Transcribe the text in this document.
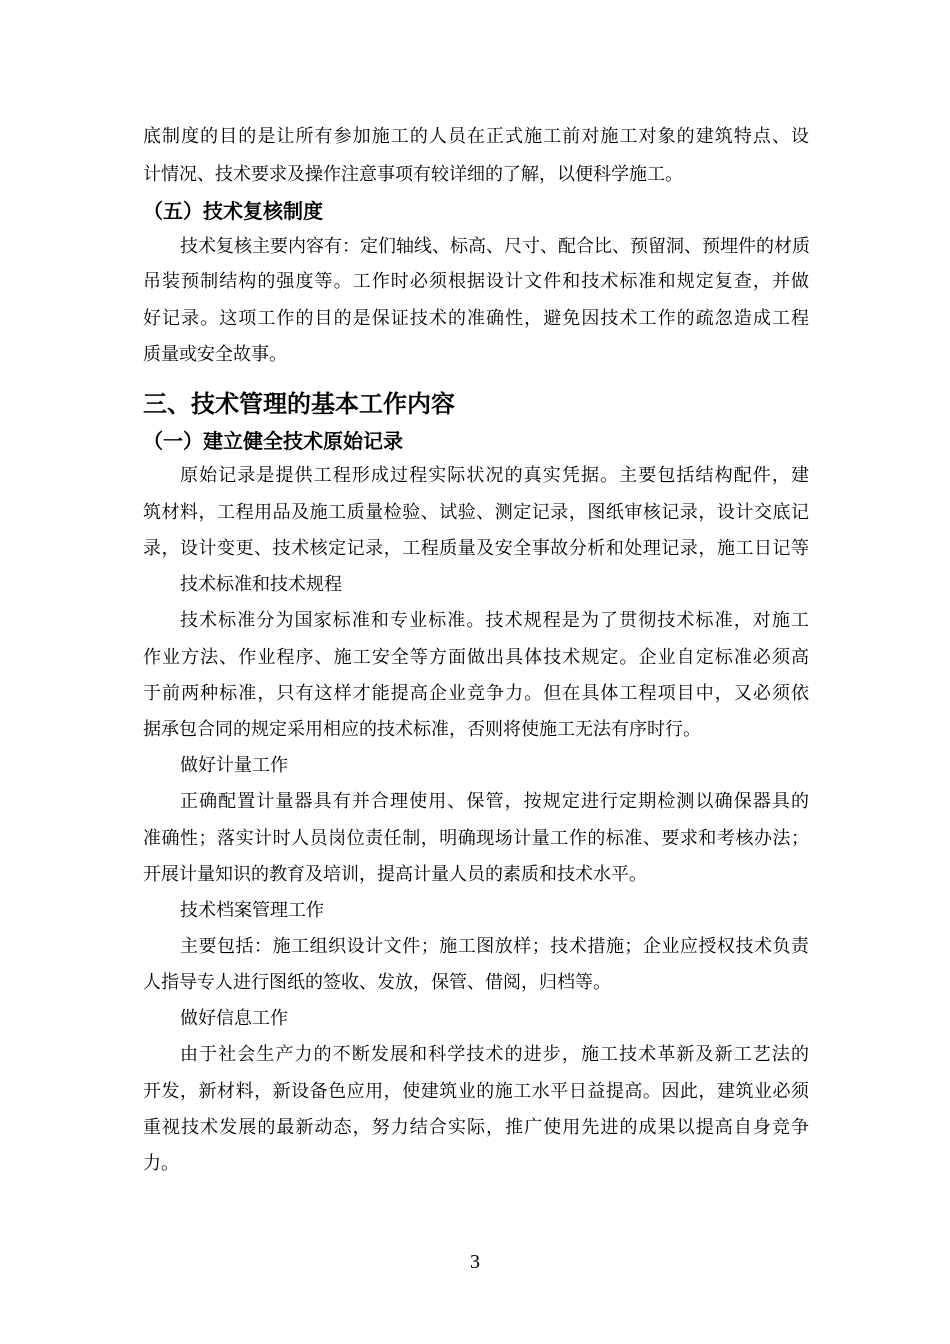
底制度的目的是让所有参加施工的人员在正式施工前对施工对象的建筑特点、设
计情况、技术要求及操作注意事项有较详细的了解，以便科学施工。
（五）技术复核制度
技术复核主要内容有：定们轴线、标高、尺寸、配合比、预留洞、预埋件的材质
吊装预制结构的强度等。工作时必须根据设计文件和技术标准和规定复查，并做
好记录。这项工作的目的是保证技术的准确性，避免因技术工作的疏忽造成工程
质量或安全故事。
三、技术管理的基本工作内容
（一）建立健全技术原始记录
原始记录是提供工程形成过程实际状况的真实凭据。主要包括结构配件，建
筑材料，工程用品及施工质量检验、试验、测定记录，图纸审核记录，设计交底记
录，设计变更、技术核定记录，工程质量及安全事故分析和处理记录，施工日记等
技术标准和技术规程
技术标准分为国家标准和专业标准。技术规程是为了贯彻技术标准，对施工
作业方法、作业程序、施工安全等方面做出具体技术规定。企业自定标准必须高
于前两种标准，只有这样才能提高企业竞争力。但在具体工程项目中，又必须依
据承包合同的规定采用相应的技术标准，否则将使施工无法有序时行。
做好计量工作
正确配置计量器具有并合理使用、保管，按规定进行定期检测以确保器具的
准确性；落实计时人员岗位责任制，明确现场计量工作的标准、要求和考核办法；
开展计量知识的教育及培训，提高计量人员的素质和技术水平。
技术档案管理工作
主要包括：施工组织设计文件；施工图放样；技术措施；企业应授权技术负责
人指导专人进行图纸的签收、发放，保管、借阅，归档等。
做好信息工作
由于社会生产力的不断发展和科学技术的进步，施工技术革新及新工艺法的
开发，新材料，新设备色应用，使建筑业的施工水平日益提高。因此，建筑业必须
重视技术发展的最新动态，努力结合实际，推广使用先进的成果以提高自身竞争
力。
3
